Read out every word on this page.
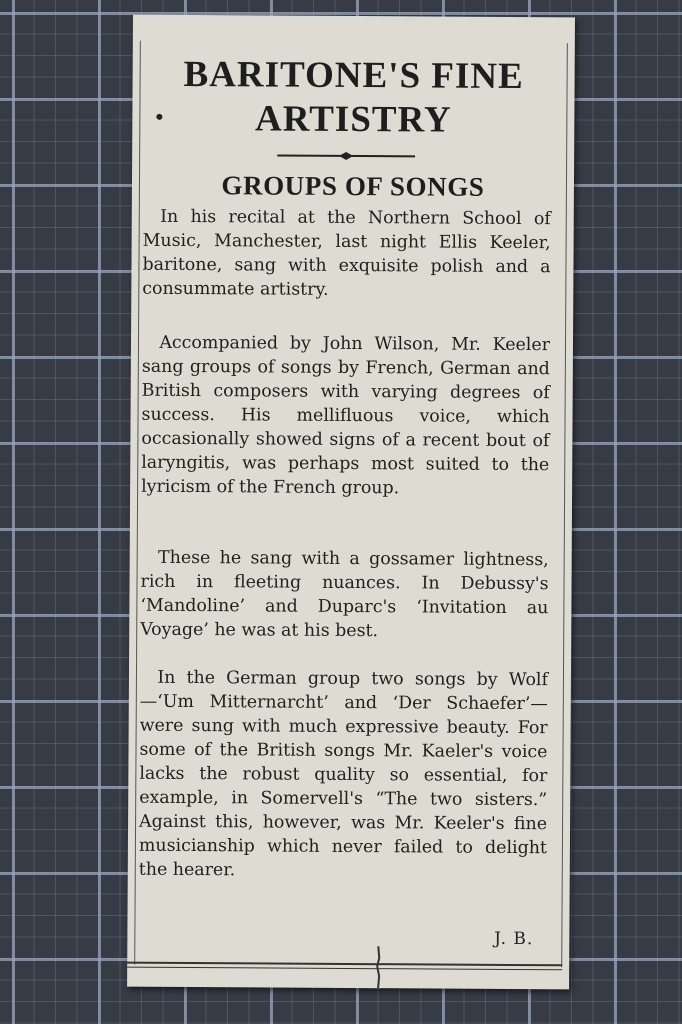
BARITONE'S FINE
ARTISTRY
GROUPS OF SONGS
 In his recital at the Northern School of Music, Manchester, last night Ellis Keeler, baritone, sang with exquisite polish and a consummate artistry.
 Accompanied by John Wilson, Mr. Keeler sang groups of songs by French, German and British composers with varying degrees of success. His mellifluous voice, which occasionally showed signs of a recent bout of laryngitis, was perhaps most suited to the lyricism of the French group.
 These he sang with a gossamer lightness, rich in fleeting nuances. In Debussy's ‘Mandoline’ and Duparc's ‘Invitation au Voyage’ he was at his best.
 In the German group two songs by Wolf—‘Um Mitternarcht’ and ‘Der Schaefer’—were sung with much expressive beauty. For some of the British songs Mr. Kaeler's voice lacks the robust quality so essential, for example, in Somervell's “The two sisters.” Against this, however, was Mr. Keeler's fine musicianship which never failed to delight the hearer.
J. B.
